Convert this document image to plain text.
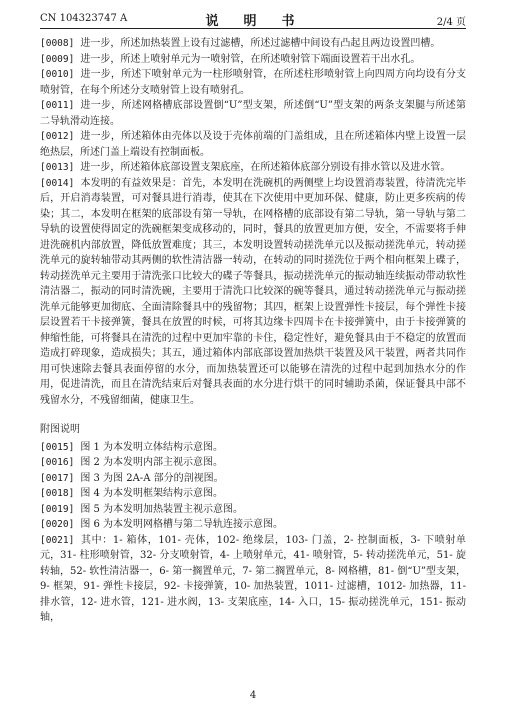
CN 104323747 A	说　明　书	2/4 页
[0008] 进一步，所述加热装置上设有过滤槽，所述过滤槽中间设有凸起且两边设置凹槽。
[0009] 进一步，所述上喷射单元为一喷射管，在所述喷射管下端面设置若干出水孔。
[0010] 进一步，所述下喷射单元为一柱形喷射管，在所述柱形喷射管上向四周方向均设有分支喷射管，在每个所述分支喷射管上设有喷射孔。
[0011] 进一步，所述网格槽底部设置倒“U”型支架，所述倒“U”型支架的两条支架腿与所述第二导轨滑动连接。
[0012] 进一步，所述箱体由壳体以及设于壳体前端的门盖组成，且在所述箱体内壁上设置一层绝热层，所述门盖上端设有控制面板。
[0013] 进一步，所述箱体底部设置支架底座，在所述箱体底部分别设有排水管以及进水管。
[0014] 本发明的有益效果是：首先，本发明在洗碗机的两侧壁上均设置消毒装置，待清洗完毕后，开启消毒装置，可对餐具进行消毒，使其在下次使用中更加环保、健康，防止更多疾病的传染；其二，本发明在框架的底部设有第一导轨，在网格槽的底部设有第二导轨，第一导轨与第二导轨的设置使得固定的洗碗框架变成移动的，同时，餐具的放置更加方便，安全，不需要将手伸进洗碗机内部放置，降低放置难度；其三，本发明设置转动搓洗单元以及振动搓洗单元，转动搓洗单元的旋转轴带动其两侧的软性清洁器一转动，在转动的同时搓洗位于两个相向框架上碟子，转动搓洗单元主要用于清洗张口比较大的碟子等餐具，振动搓洗单元的振动轴连续振动带动软性清洁器二，振动的同时清洗碗，主要用于清洗口比较深的碗等餐具，通过转动搓洗单元与振动搓洗单元能够更加彻底、全面清除餐具中的残留物；其四，框架上设置弹性卡接层，每个弹性卡接层设置若干卡接弹簧，餐具在放置的时候，可将其边缘卡四周卡在卡接弹簧中，由于卡接弹簧的伸缩性能，可将餐具在清洗的过程中更加牢靠的卡住，稳定性好，避免餐具由于不稳定的放置而造成打碎现象，造成损失；其五，通过箱体内部底部设置加热烘干装置及风干装置，两者共同作用可快速除去餐具表面停留的水分，而加热装置还可以能够在清洗的过程中起到加热水分的作用，促进清洗，而且在清洗结束后对餐具表面的水分进行烘干的同时辅助杀菌，保证餐具中部不残留水分，不残留细菌，健康卫生。
附图说明
[0015] 图 1 为本发明立体结构示意图。
[0016] 图 2 为本发明内部主视示意图。
[0017] 图 3 为图 2A-A 部分的剖视图。
[0018] 图 4 为本发明框架结构示意图。
[0019] 图 5 为本发明加热装置主视示意图。
[0020] 图 6 为本发明网格槽与第二导轨连接示意图。
[0021] 其中：1- 箱体，101- 壳体，102- 绝缘层，103- 门盖，2- 控制面板，3- 下喷射单元，31- 柱形喷射管，32- 分支喷射管，4- 上喷射单元，41- 喷射管，5- 转动搓洗单元，51- 旋转轴，52- 软性清洁器一，6- 第一搁置单元，7- 第二搁置单元，8- 网格槽，81- 倒“U”型支架，9- 框架，91- 弹性卡接层，92- 卡接弹簧，10- 加热装置，1011- 过滤槽，1012- 加热器，11- 排水管，12- 进水管，121- 进水阀，13- 支架底座，14- 入口，15- 振动搓洗单元，151- 振动轴，
4
